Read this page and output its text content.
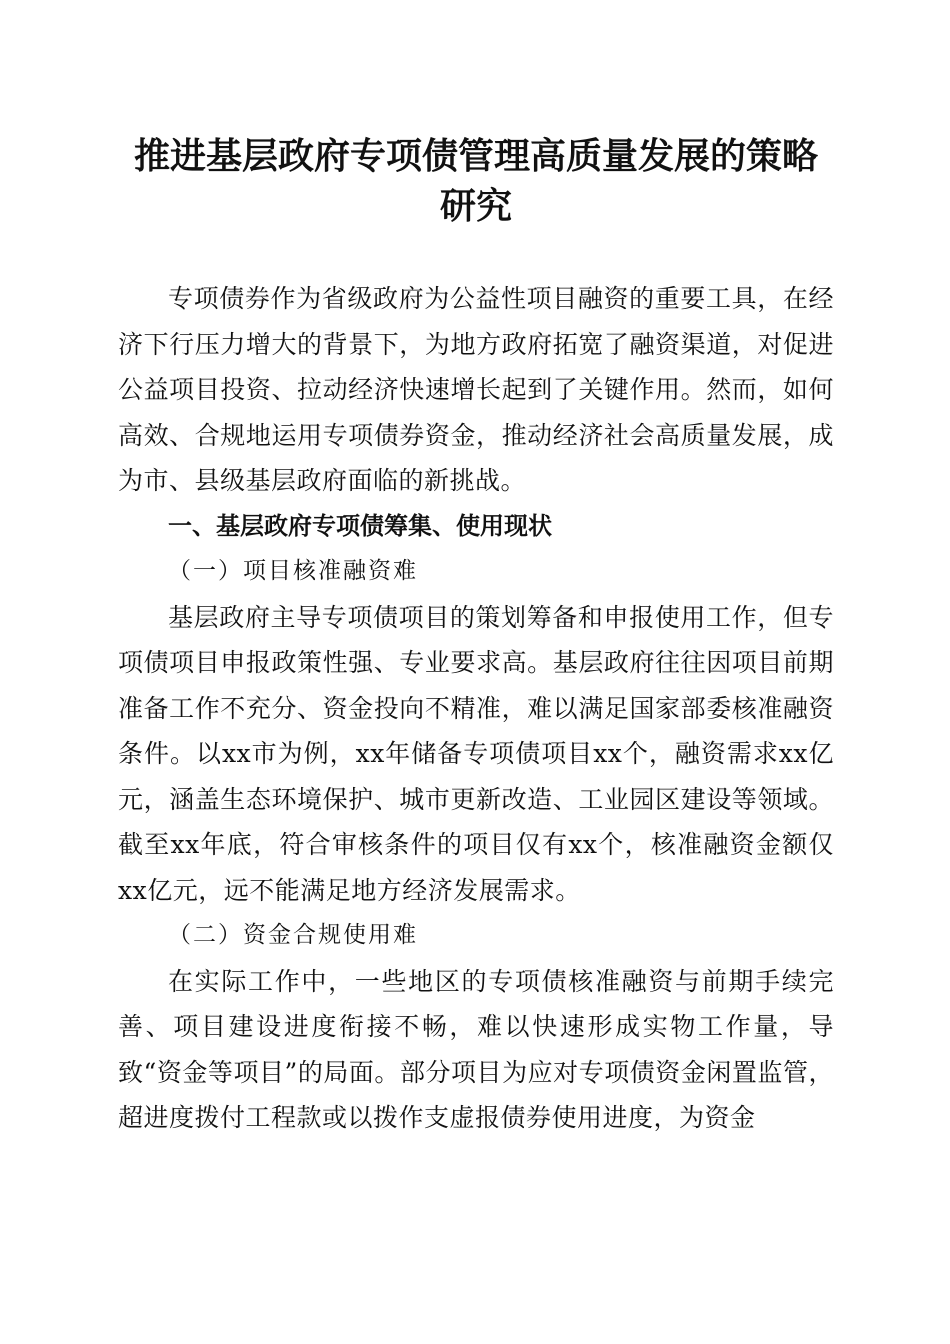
推进基层政府专项债管理高质量发展的策略研究

专项债券作为省级政府为公益性项目融资的重要工具，在经济下行压力增大的背景下，为地方政府拓宽了融资渠道，对促进公益项目投资、拉动经济快速增长起到了关键作用。然而，如何高效、合规地运用专项债券资金，推动经济社会高质量发展，成为市、县级基层政府面临的新挑战。

一、基层政府专项债筹集、使用现状

（一）项目核准融资难

基层政府主导专项债项目的策划筹备和申报使用工作，但专项债项目申报政策性强、专业要求高。基层政府往往因项目前期准备工作不充分、资金投向不精准，难以满足国家部委核准融资条件。以xx市为例，xx年储备专项债项目xx个，融资需求xx亿元，涵盖生态环境保护、城市更新改造、工业园区建设等领域。截至xx年底，符合审核条件的项目仅有xx个，核准融资金额仅xx亿元，远不能满足地方经济发展需求。

（二）资金合规使用难

在实际工作中，一些地区的专项债核准融资与前期手续完善、项目建设进度衔接不畅，难以快速形成实物工作量，导致“资金等项目”的局面。部分项目为应对专项债资金闲置监管，超进度拨付工程款或以拨作支虚报债券使用进度，为资金
